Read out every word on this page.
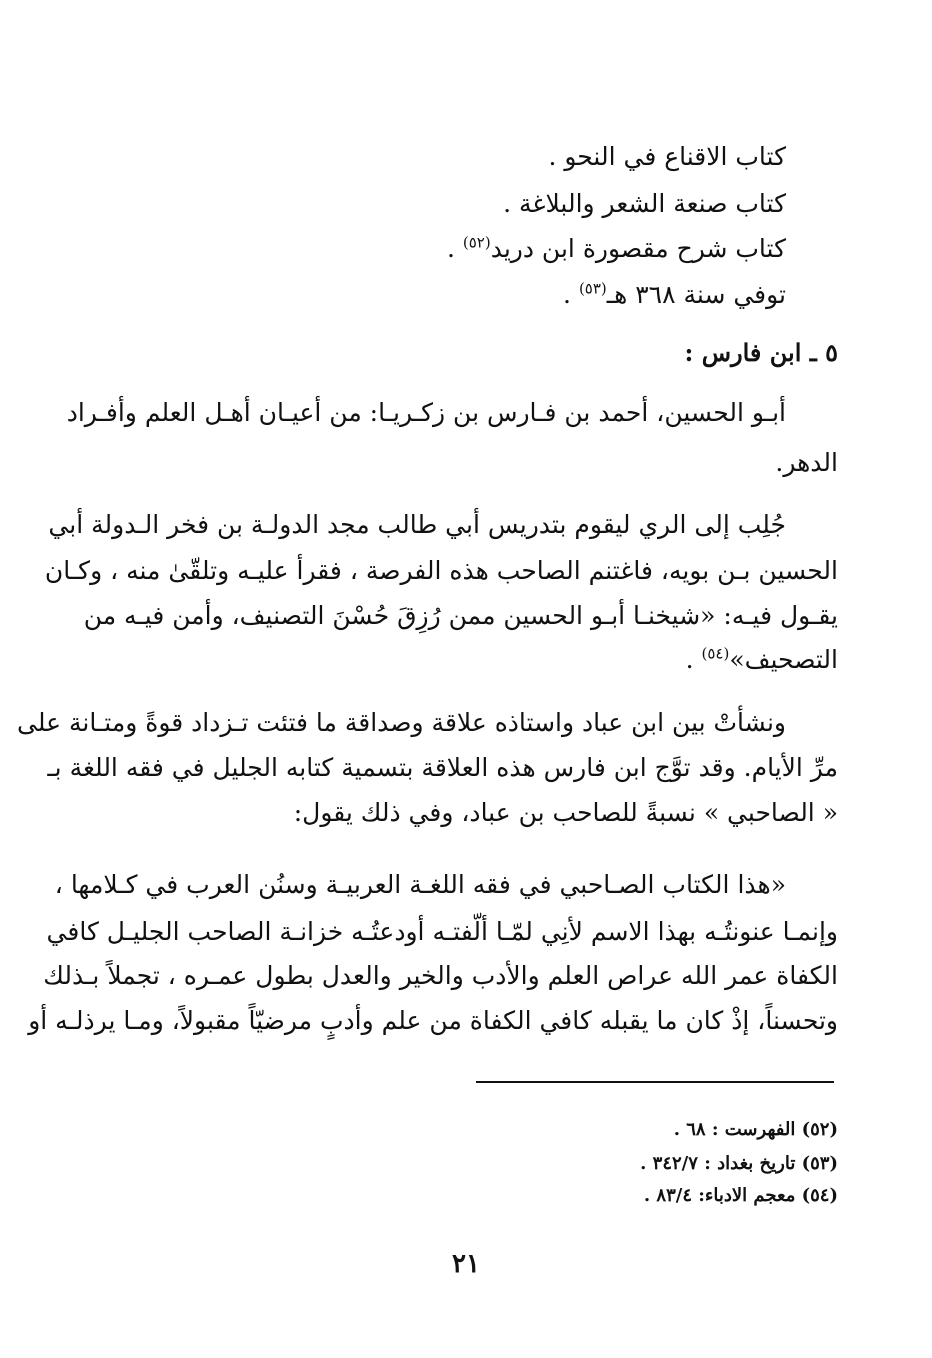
كتاب الاقناع في النحو .
كتاب صنعة الشعر والبلاغة .
كتاب شرح مقصورة ابن دريد$^{(٥٢)}$ .
توفي سنة ٣٦٨ هـ$^{(٥٣)}$ .
٥ ـ ابن فارس :
أبـو الحسين، أحمد بن فـارس بن زكـريـا: من أعيـان أهـل العلم وأفـراد
الدهر.
جُلِب إلى الري ليقوم بتدريس أبي طالب مجد الدولـة بن فخر الـدولة أبي
الحسين بـن بويه، فاغتنم الصاحب هذه الفرصة ، فقرأ عليـه وتلقّىٰ منه ، وكـان
يقـول فيـه: «شيخنـا أبـو الحسين ممن رُزِقَ حُسْنَ التصنيف، وأمن فيـه من
التصحيف»$^{(٥٤)}$ .
ونشأتْ بين ابن عباد واستاذه علاقة وصداقة ما فتئت تـزداد قوةً ومتـانة على
مرِّ الأيام. وقد توَّج ابن فارس هذه العلاقة بتسمية كتابه الجليل في فقه اللغة بـ
« الصاحبي » نسبةً للصاحب بن عباد، وفي ذلك يقول:
«هذا الكتاب الصـاحبي في فقه اللغـة العربيـة وسنُن العرب في كـلامها ،
وإنمـا عنونتُـه بهذا الاسم لأنِي لمّـا ألّفتـه أودعتُـه خزانـة الصاحب الجليـل كافي
الكفاة عمر الله عراص العلم والأدب والخير والعدل بطول عمـره ، تجملاً بـذلك
وتحسناً، إذْ كان ما يقبله كافي الكفاة من علم وأدبٍ مرضيّاً مقبولاً، ومـا يرذلـه أو
(٥٢) الفهرست : ٦٨ .
(٥٣) تاريخ بغداد : ٣٤٢/٧ .
(٥٤) معجم الادباء: ٨٣/٤ .
٢١
